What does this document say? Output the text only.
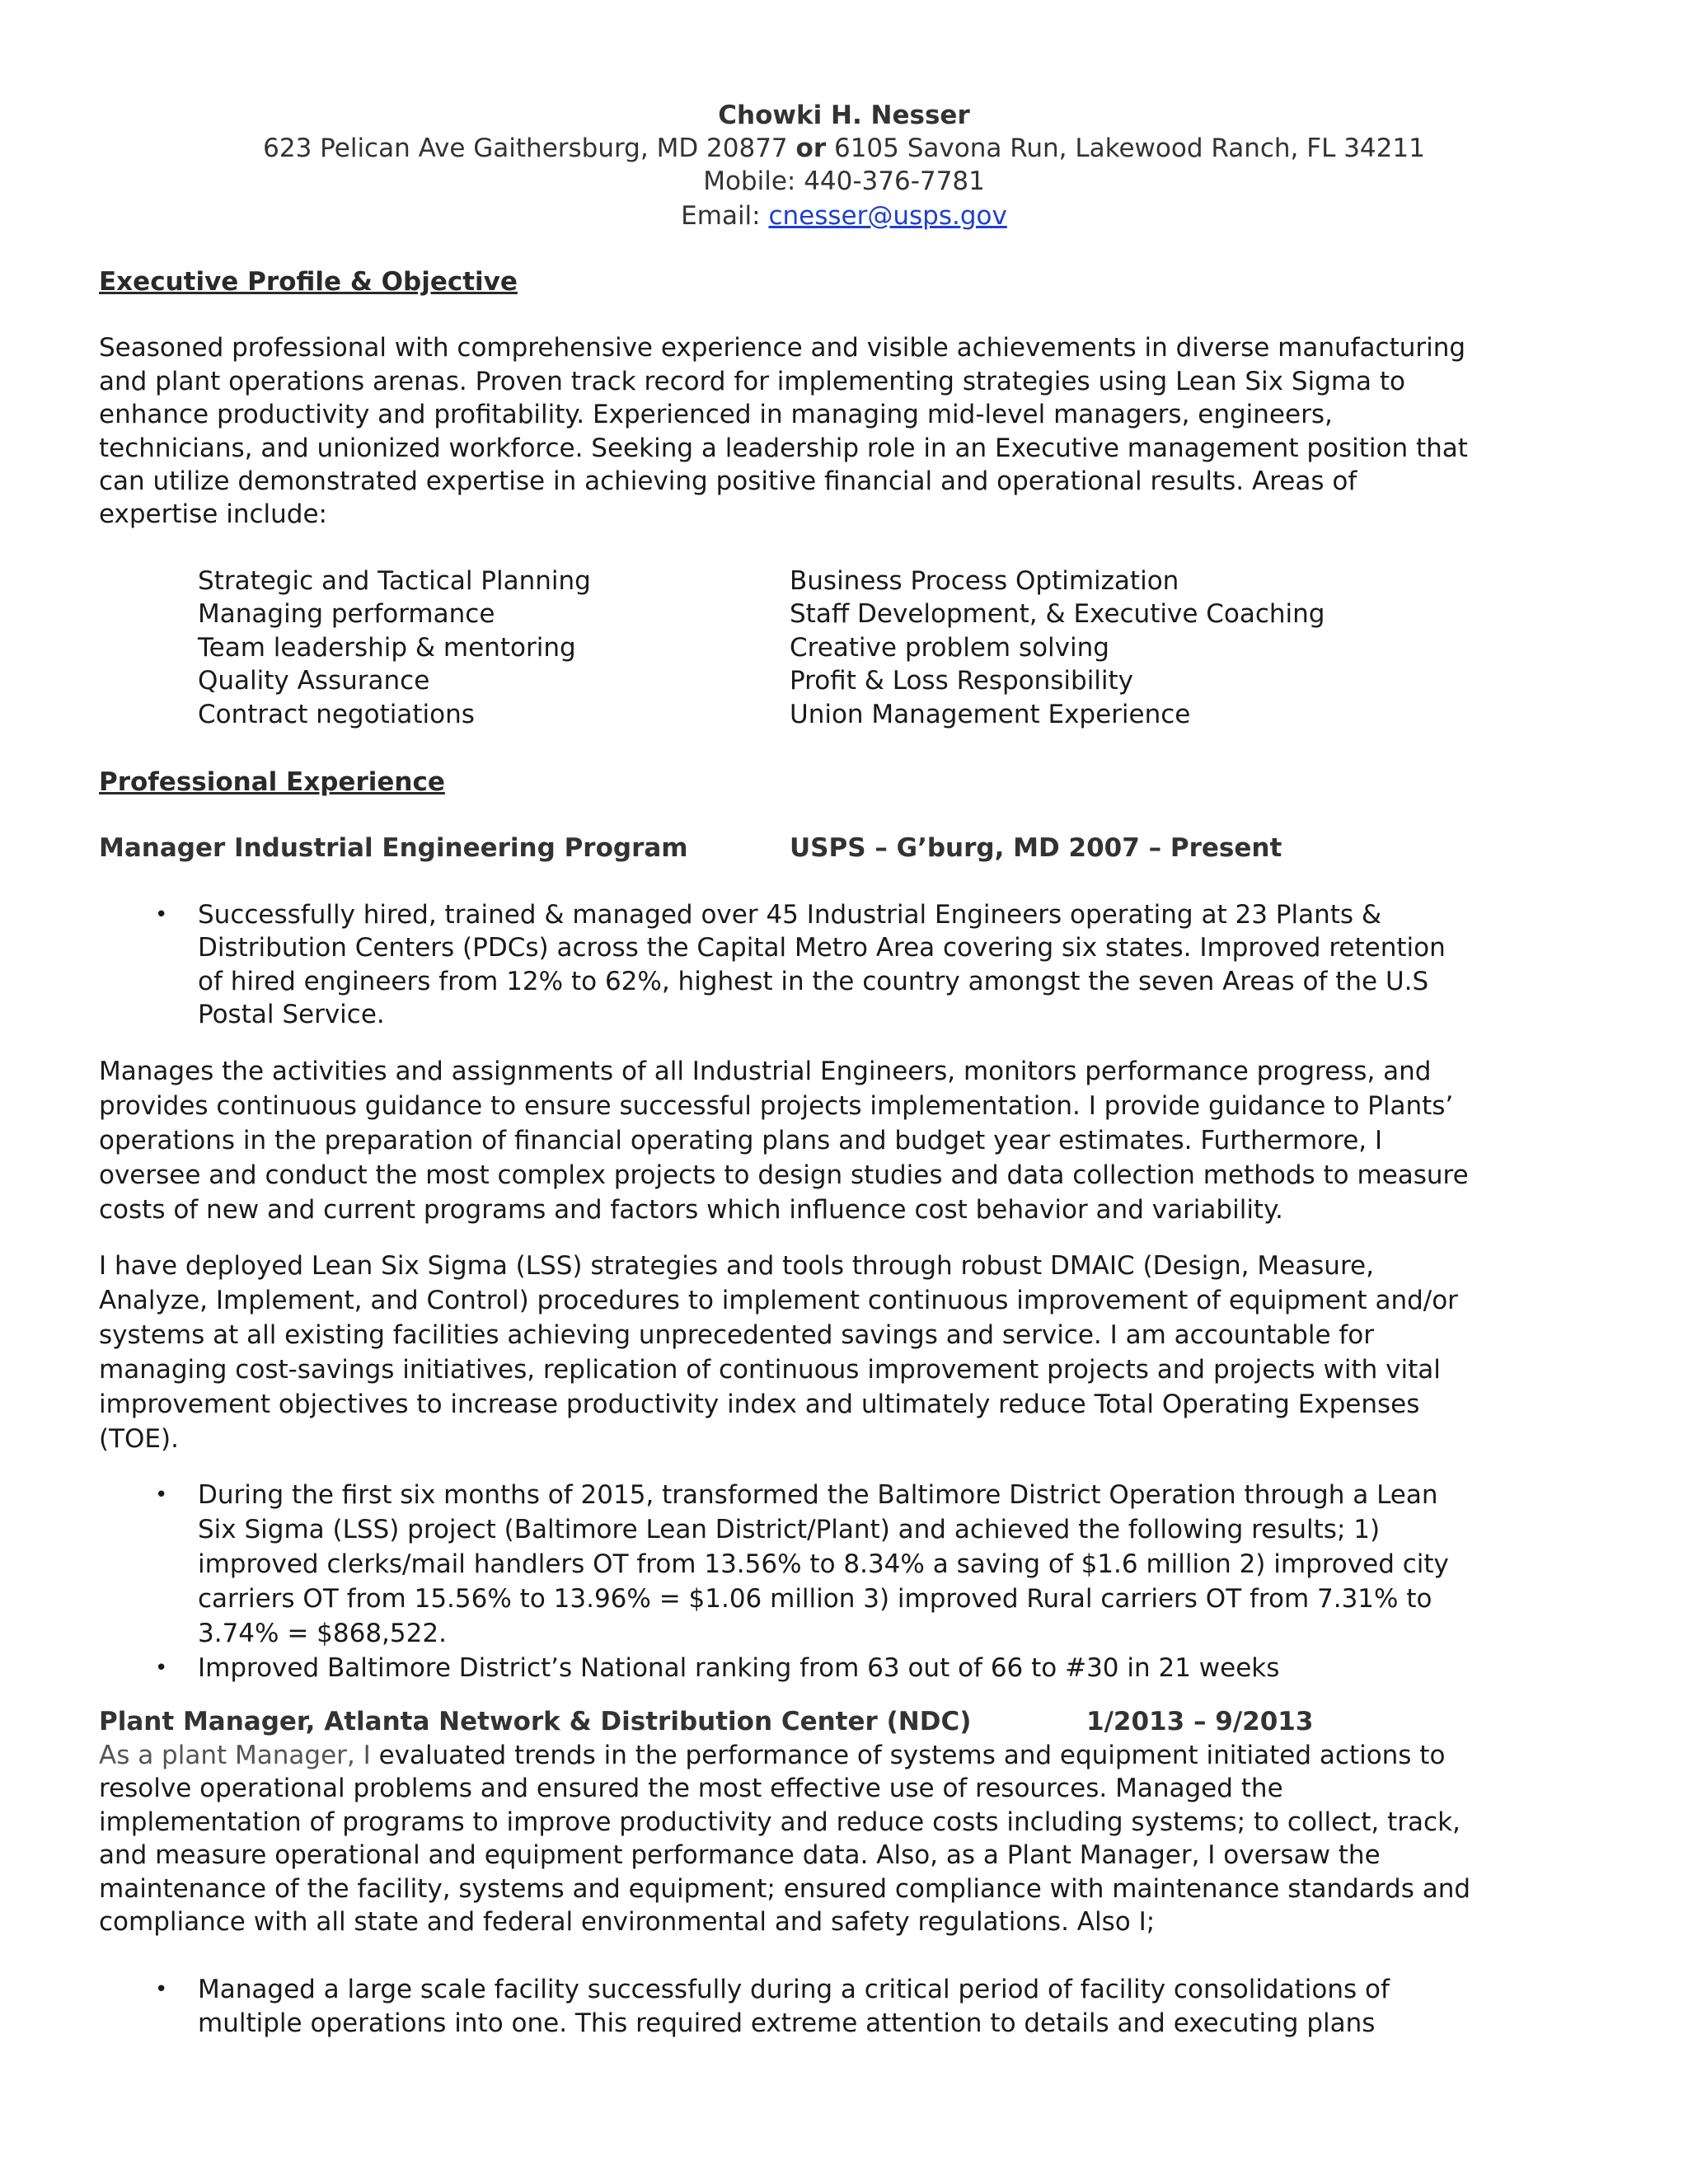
Chowki H. Nesser
623 Pelican Ave Gaithersburg, MD 20877 or 6105 Savona Run, Lakewood Ranch, FL 34211
Mobile: 440-376-7781
Email: cnesser@usps.gov
Executive Profile & Objective
Seasoned professional with comprehensive experience and visible achievements in diverse manufacturing
and plant operations arenas. Proven track record for implementing strategies using Lean Six Sigma to
enhance productivity and profitability. Experienced in managing mid-level managers, engineers,
technicians, and unionized workforce. Seeking a leadership role in an Executive management position that
can utilize demonstrated expertise in achieving positive financial and operational results. Areas of
expertise include:
Strategic and Tactical Planning
Managing performance
Team leadership & mentoring
Quality Assurance
Contract negotiations
Business Process Optimization
Staff Development, & Executive Coaching
Creative problem solving
Profit & Loss Responsibility
Union Management Experience
Professional Experience
Manager Industrial Engineering Program	USPS – G’burg, MD 2007 – Present
• Successfully hired, trained & managed over 45 Industrial Engineers operating at 23 Plants &
Distribution Centers (PDCs) across the Capital Metro Area covering six states. Improved retention
of hired engineers from 12% to 62%, highest in the country amongst the seven Areas of the U.S
Postal Service.
Manages the activities and assignments of all Industrial Engineers, monitors performance progress, and
provides continuous guidance to ensure successful projects implementation. I provide guidance to Plants’
operations in the preparation of financial operating plans and budget year estimates. Furthermore, I
oversee and conduct the most complex projects to design studies and data collection methods to measure
costs of new and current programs and factors which influence cost behavior and variability.
I have deployed Lean Six Sigma (LSS) strategies and tools through robust DMAIC (Design, Measure,
Analyze, Implement, and Control) procedures to implement continuous improvement of equipment and/or
systems at all existing facilities achieving unprecedented savings and service. I am accountable for
managing cost-savings initiatives, replication of continuous improvement projects and projects with vital
improvement objectives to increase productivity index and ultimately reduce Total Operating Expenses
(TOE).
• During the first six months of 2015, transformed the Baltimore District Operation through a Lean
Six Sigma (LSS) project (Baltimore Lean District/Plant) and achieved the following results; 1)
improved clerks/mail handlers OT from 13.56% to 8.34% a saving of $1.6 million 2) improved city
carriers OT from 15.56% to 13.96% = $1.06 million 3) improved Rural carriers OT from 7.31% to
3.74% = $868,522.
• Improved Baltimore District’s National ranking from 63 out of 66 to #30 in 21 weeks
Plant Manager, Atlanta Network & Distribution Center (NDC)	1/2013 – 9/2013
As a plant Manager, I evaluated trends in the performance of systems and equipment initiated actions to
resolve operational problems and ensured the most effective use of resources. Managed the
implementation of programs to improve productivity and reduce costs including systems; to collect, track,
and measure operational and equipment performance data. Also, as a Plant Manager, I oversaw the
maintenance of the facility, systems and equipment; ensured compliance with maintenance standards and
compliance with all state and federal environmental and safety regulations. Also I;
• Managed a large scale facility successfully during a critical period of facility consolidations of
multiple operations into one. This required extreme attention to details and executing plans
